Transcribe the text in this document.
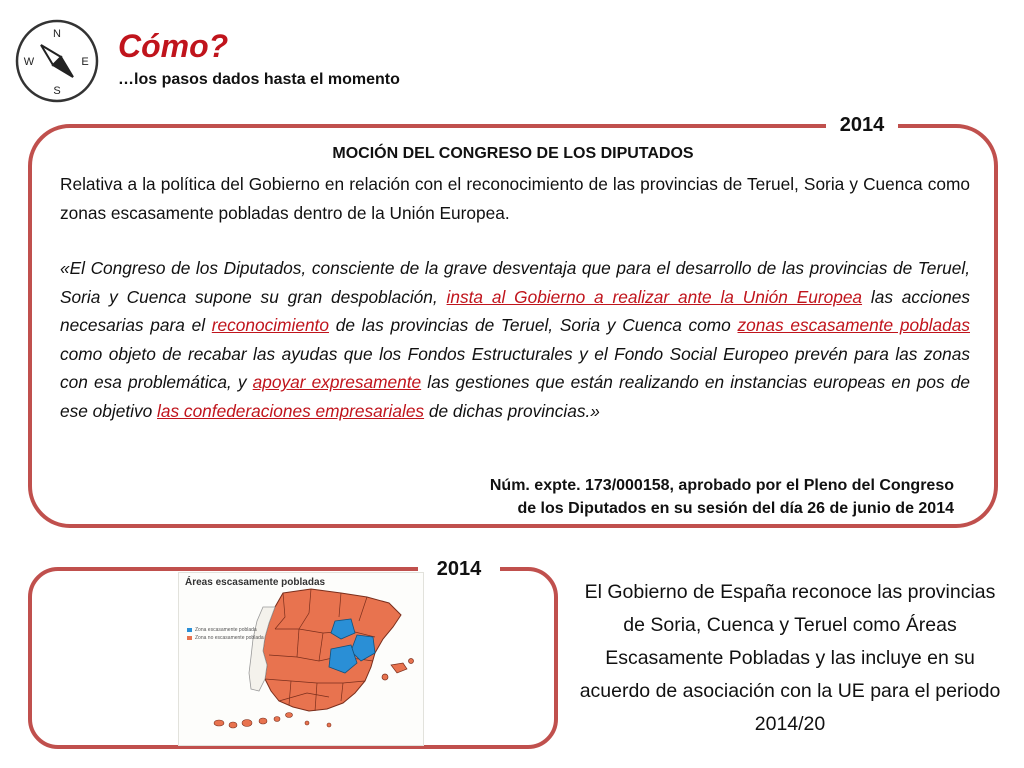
N
W	E
S
Cómo?
…los pasos dados hasta el momento
2014
MOCIÓN DEL CONGRESO DE LOS DIPUTADOS

Relativa a la política del Gobierno en relación con el reconocimiento de las provincias de Teruel, Soria y Cuenca como zonas escasamente pobladas dentro de la Unión Europea.

«El Congreso de los Diputados, consciente de la grave desventaja que para el desarrollo de las provincias de Teruel, Soria y Cuenca supone su gran despoblación, insta al Gobierno a realizar ante la Unión Europea las acciones necesarias para el reconocimiento de las provincias de Teruel, Soria y Cuenca como zonas escasamente pobladas como objeto de recabar las ayudas que los Fondos Estructurales y el Fondo Social Europeo prevén para las zonas con esa problemática, y apoyar expresamente las gestiones que están realizando en instancias europeas en pos de ese objetivo las confederaciones empresariales de dichas provincias.»

Núm. expte. 173/000158, aprobado por el Pleno del Congreso
de los Diputados en su sesión del día 26 de junio de 2014
2014
Áreas escasamente pobladas
Zona escasamente poblada
Zona no escasamente poblada
El Gobierno de España reconoce las provincias de Soria, Cuenca y Teruel como Áreas Escasamente Pobladas y las incluye en su acuerdo de asociación con la UE para el periodo 2014/20
